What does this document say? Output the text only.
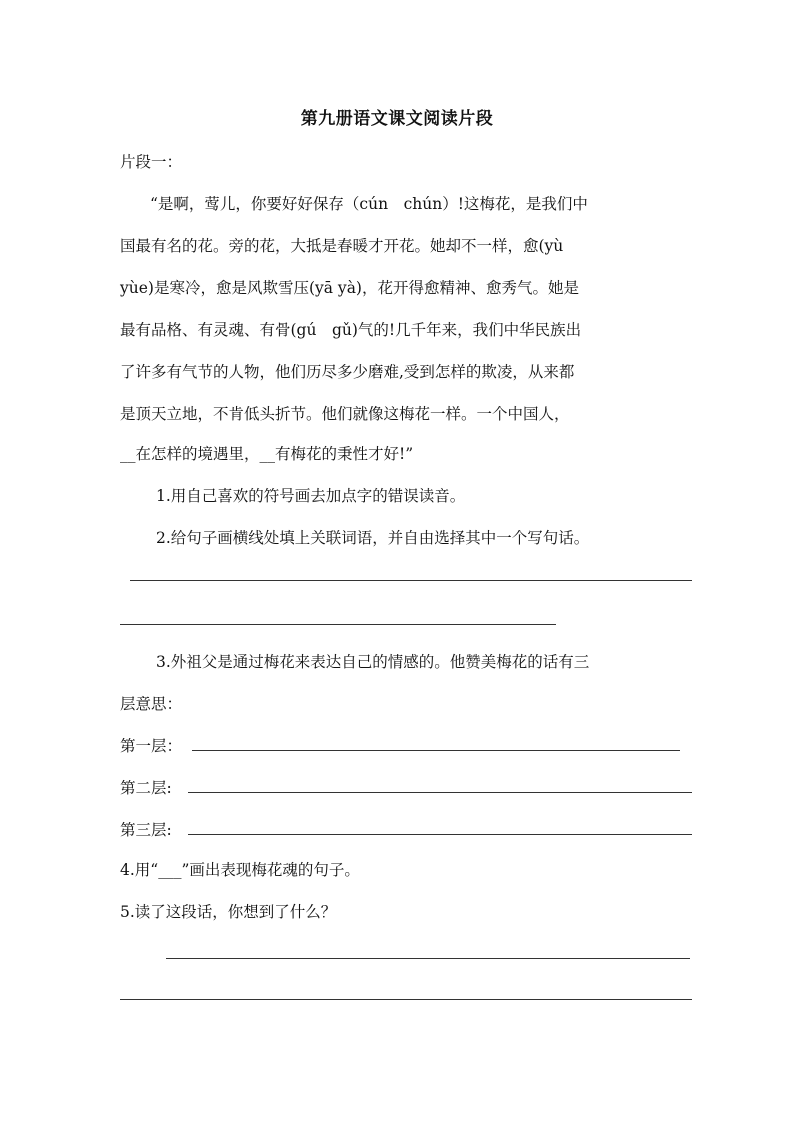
第九册语文课文阅读片段
片段一：
“是啊，莺儿，你要好好保存（cún　chún）!这梅花，是我们中
国最有名的花。旁的花，大抵是春暖才开花。她却不一样，愈(yù
yùe)是寒冷，愈是风欺雪压(yā yà)，花开得愈精神、愈秀气。她是
最有品格、有灵魂、有骨(gú　gǔ)气的!几千年来，我们中华民族出
了许多有气节的人物，他们历尽多少磨难,受到怎样的欺凌，从来都
是顶天立地，不肯低头折节。他们就像这梅花一样。一个中国人，
__在怎样的境遇里，__有梅花的秉性才好!”
1.用自己喜欢的符号画去加点字的错误读音。
2.给句子画横线处填上关联词语，并自由选择其中一个写句话。
3.外祖父是通过梅花来表达自己的情感的。他赞美梅花的话有三
层意思：
第一层：
第二层:
第三层:
4.用“___”画出表现梅花魂的句子。
5.读了这段话，你想到了什么？
